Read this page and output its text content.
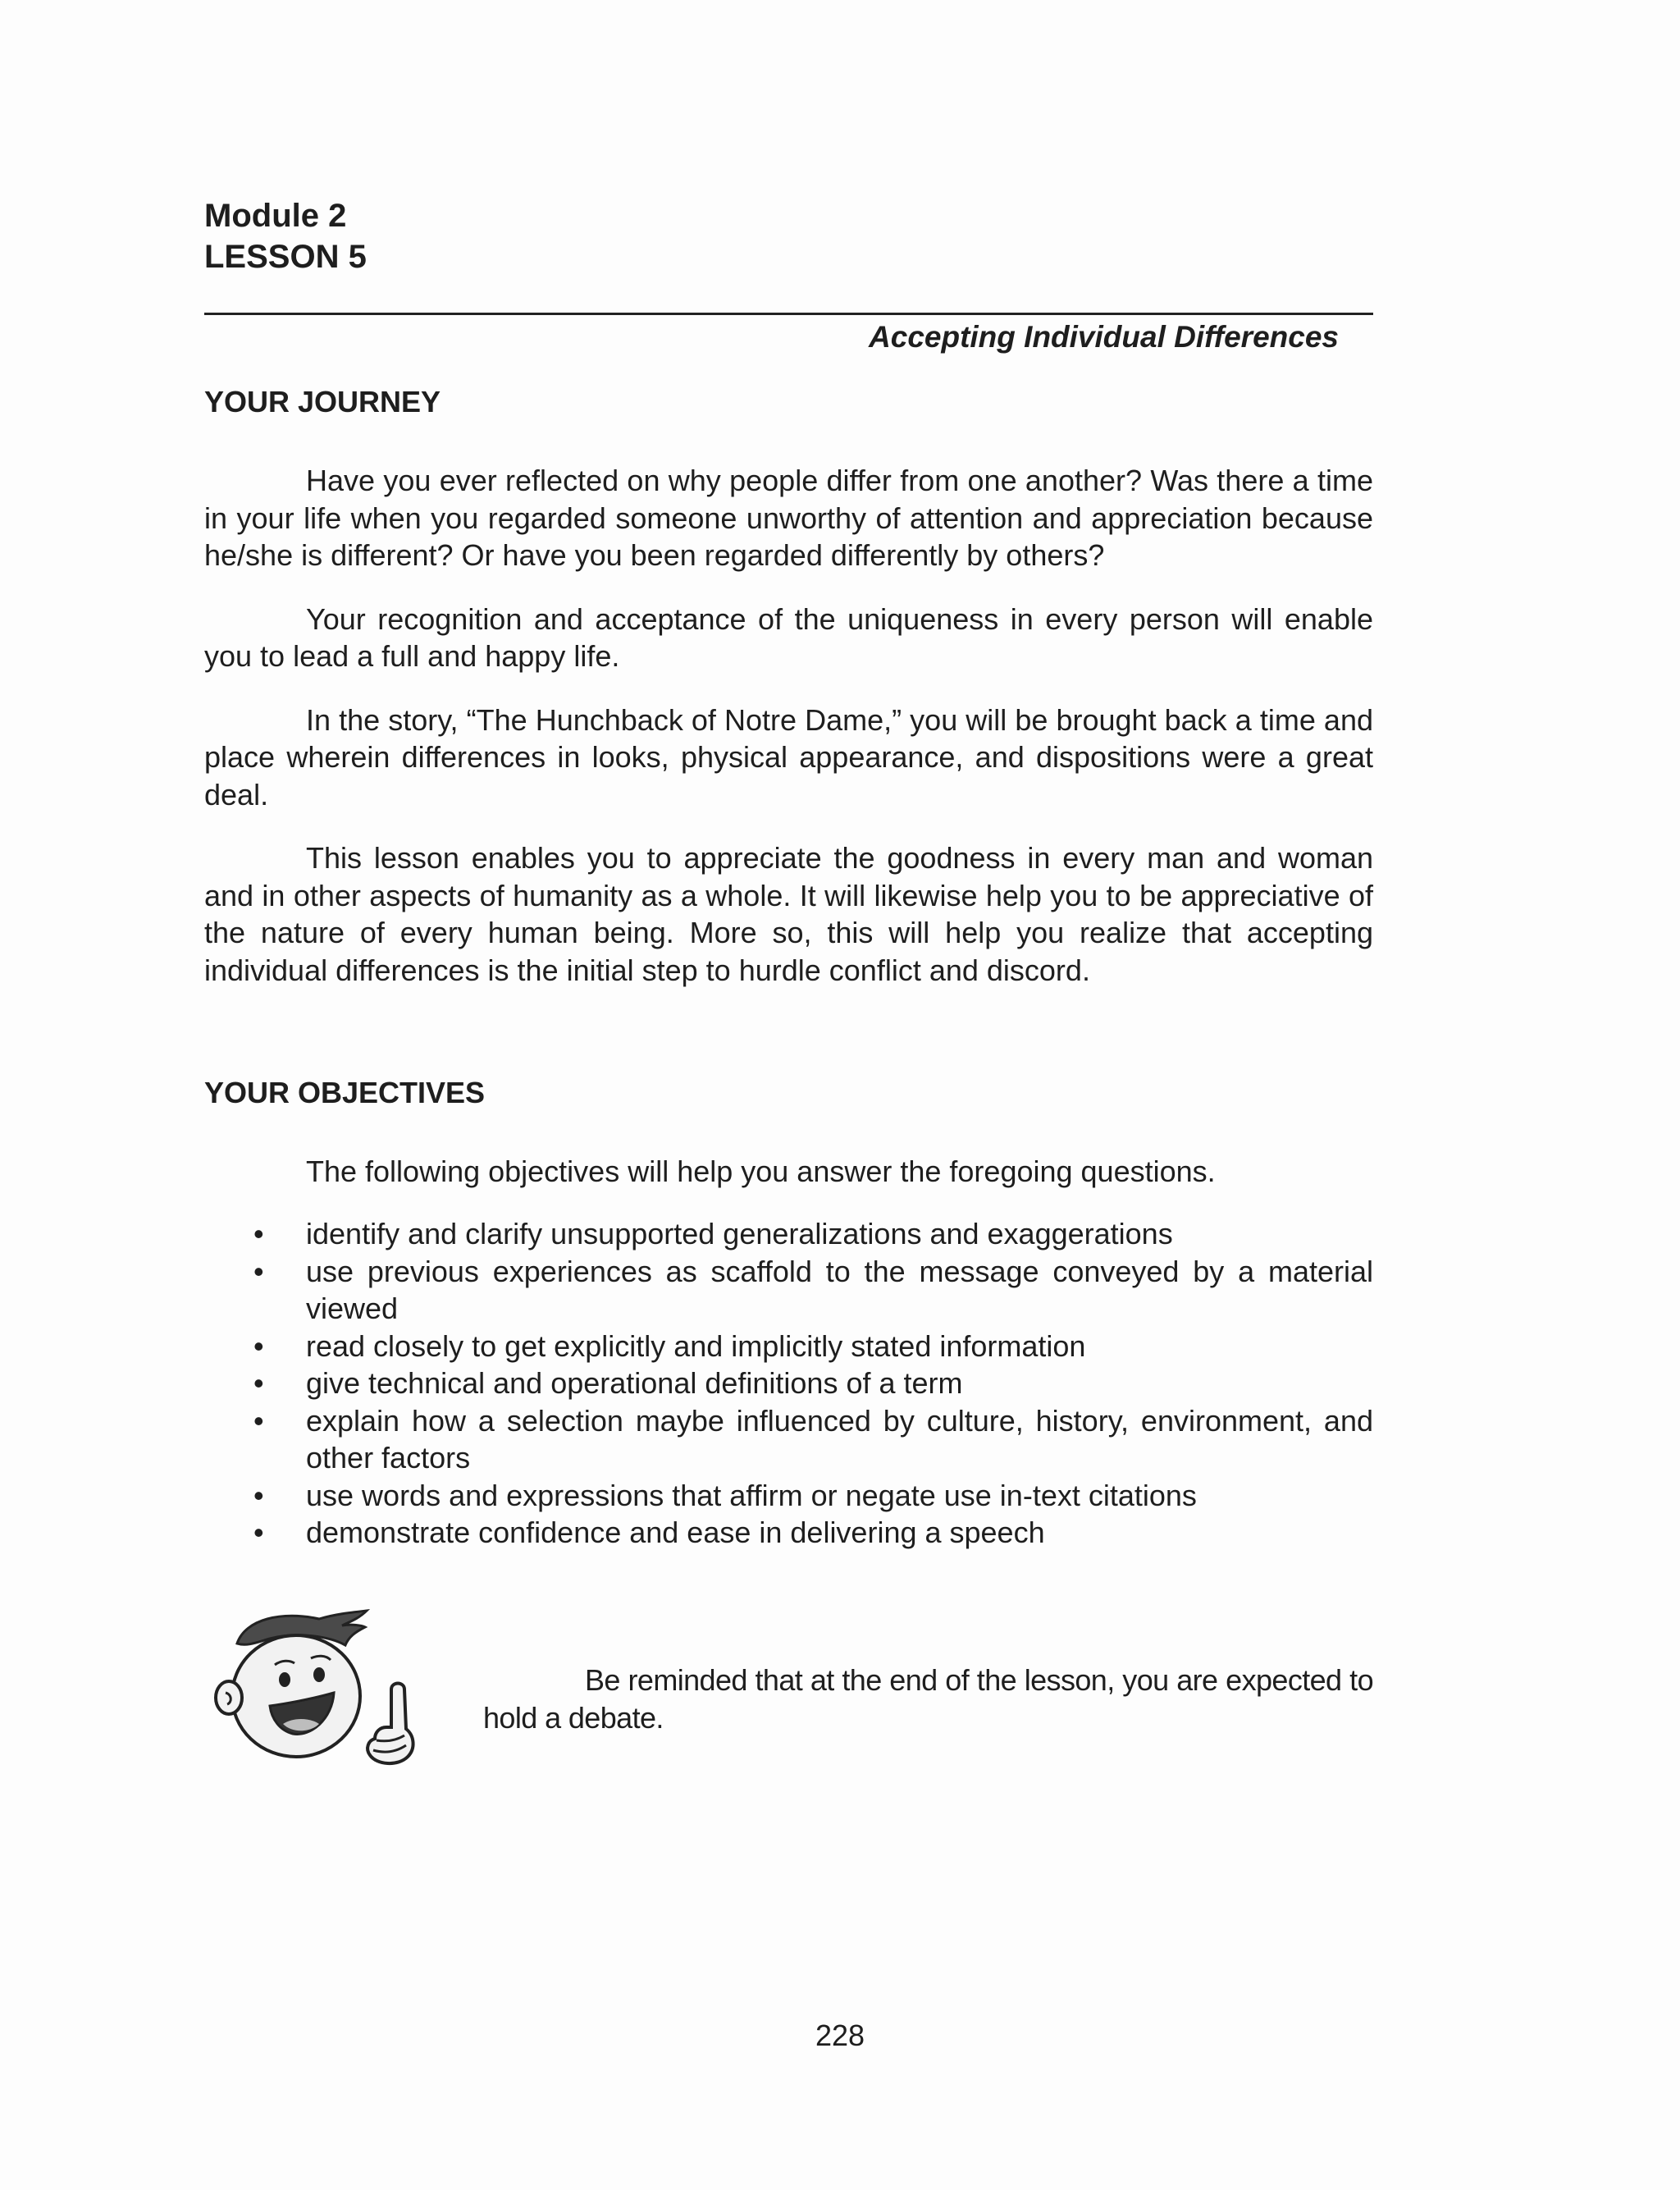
Module 2
LESSON 5
Accepting Individual Differences
YOUR JOURNEY

Have you ever reflected on why people differ from one another? Was there a time in your life when you regarded someone unworthy of attention and appreciation because he/she is different? Or have you been regarded differently by others?

Your recognition and acceptance of the uniqueness in every person will enable you to lead a full and happy life.

In the story, “The Hunchback of Notre Dame,” you will be brought back a time and place wherein differences in looks, physical appearance, and dispositions were a great deal.

This lesson enables you to appreciate the goodness in every man and woman and in other aspects of humanity as a whole. It will likewise help you to be appreciative of the nature of every human being. More so, this will help you realize that accepting individual differences is the initial step to hurdle conflict and discord.

YOUR OBJECTIVES
The following objectives will help you answer the foregoing questions.
• identify and clarify unsupported generalizations and exaggerations
• use previous experiences as scaffold to the message conveyed by a material viewed
• read closely to get explicitly and implicitly stated information
• give technical and operational definitions of a term
• explain how a selection maybe influenced by culture, history, environment, and other factors
• use words and expressions that affirm or negate use in-text citations
• demonstrate confidence and ease in delivering a speech
Be reminded that at the end of the lesson, you are expected to hold a debate.
228
